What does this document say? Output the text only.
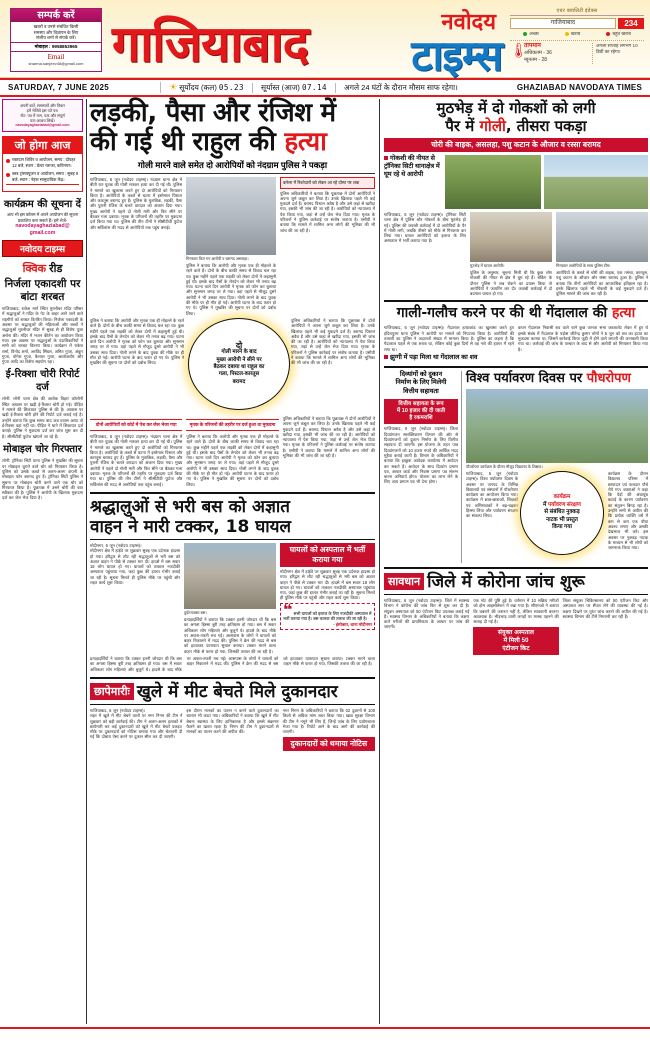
सम्पर्क करें
खबरों व उनसे संबंधित किसी
समस्या और विज्ञापन के लिए
संजीव शर्मा से संपर्क करें।
मोबाइल : 9958853965
Email
sharma.sanjeev48@gmail.com गाजियाबाद	नवोदय
टाइम्स
एयर क्वालिटी इंडेक्स
गाजियाबाद	234
अच्छा	खराब	बहुत खराब
🌡
तापमान
अधिकतम - 36
न्यूनतम - 28
अगला सप्ताह लगभग 10 डिग्री का रहेगा।
SATURDAY, 7 JUNE 2025	☀ सूर्योदय (कल) 05.23	सूर्यास्त (आज) 07.14	अगले 24 घंटों के दौरान मौसम साफ रहेगा।	GHAZIABAD NAVODAYA TIMES
अपनी बातें, समस्यायें और विचार
हमें भेजिये इस पते पर।
नोट: पत्र में नाम, पता और संपूर्ण
पता अवश्य लिखें।
navodayaghaziabad@gmail.com
जो होगा आज
रक्तदान शिविर व आयोजन, समय : दोपहर 12 बजे, स्थान : डेल्टा प्लाजा, कविनगर।
ब्लड ट्रांसफ्यूजन व आयोजन, समय : सुबह 9 बजे, स्थान : नेहरू सामुदायिक केंद्र।
कार्यक्रम की सूचना दें
आप भी इस कॉलम में अपने आयोजन की सूचना प्रकाशित करा सकते हैं। हमें भेजें-
navodayaghaziabad@
gmail.com
नवोदय टाइम्स
क्विक रीड
निर्जला एकादशी पर बांटा शरबत
गाजियाबाद: राकेश मार्ग स्थित मुरलीधर मंदिर परिसर में श्रद्धालुओं ने मंदिर के गेट के बाहर आने जाने वाले राहगीरों को शरबत वितरित किया। निर्जला एकादशी के अवसर पर श्रद्धालुओं की महिलाओं और बच्चों ने श्रद्धालुओं मुरलीधर मंदिर में सुबह से ही विशेष पूजा अर्चना की। मंदिर में भजन कीर्तन का आयोजन किया गया। इस अवसर पर श्रद्धालुओं के पदाधिकारियों ने सभी को शरबत वितरण किया। कार्यक्रम में राकेश शर्मा, विनोद शर्मा, अरविंद सिंघल, अमित गुप्ता, अंकुर गुप्ता, योगेश गुप्ता, कैलाश गुप्ता, आलोकवीर और गुप्ता आदि का विशेष सहयोग रहा।
ई-रिक्शा चोरी रिपोर्ट दर्ज
लोनी: लोनी थाना क्षेत्र की अशोक विहार कॉलोनी स्थित आवास पर खड़ी ई-रिक्शा चोरी हो गई। पीड़ित ने मामले की शिकायत पुलिस से की है। आवास पर खड़ी ई-रिक्शा चोरी होने की रिपोर्ट दर्ज कराई गई है। उन्होंने बताया कि कुछ समय बाद जब वापस आया तो ई-रिक्शा वहां नहीं था। पीड़ित ने थाने में शिकायत दर्ज कराई। पुलिस ने मुकदमा दर्ज कर जांच शुरू कर दी है। सीसीटीवी फुटेज खंगाले जा रहे हैं।
मोबाइल चोर गिरफ्तार
लोनी: ट्रॉनिका सिटी थाना पुलिस ने मुखबिर की सूचना पर मोबाइल चुराने वाले चोर को गिरफ्तार किया है। पुलिस को उसके कब्जे से अलग-अलग कंपनी के मोबाइल फोन बरामद हुए हैं। ट्रॉनिका सिटी पुलिस ने सूचना पर मोबाइल चोरी करने वाले एक चोर को गिरफ्तार किया है। पूछताछ में उसने चोरी की बात स्वीकार की है। पुलिस ने आरोपी के खिलाफ मुकदमा दर्ज कर जेल भेज दिया है।
लड़की, पैसा और रंजिश में
की गई थी राहुल की हत्या
गोली मारने वाले समेत दो आरोपियों को नंदग्राम पुलिस ने पकड़ा
गाजियाबाद, 6 जून (नवोदय टाइम्स)। नंदग्राम थाना क्षेत्र में बीती रात युवक की गोली मारकर हत्या कर दी गई थी। पुलिस ने मामले का खुलासा करते हुए दो आरोपियों को गिरफ्तार किया है। आरोपियों के कब्जे से घटना में इस्तेमाल पिस्टल और कारतूस बरामद हुए हैं। पुलिस के मुताबिक, लड़की, पैसा और पुरानी रंजिश के चलते वारदात को अंजाम दिया गया। मुख्य आरोपी ने पहले दो गोली मारी और फिर सीने पर बैठकर गला दबाया। मृतक के परिजनों की तहरीर पर मुकदमा दर्ज किया गया था। पुलिस की तीन टीमों ने सीसीटीवी फुटेज और सर्विलांस की मदद से आरोपियों तक पहुंच बनाई।
गिरफ्तार किए गए आरोपी व बरामद असलहा।
पुलिस ने बताया कि आरोपी और मृतक एक ही मोहल्ले के रहने वाले हैं। दोनों के बीच काफी समय से विवाद चल रहा था। कुछ महीने पहले एक लड़की को लेकर दोनों में कहासुनी हुई थी। इसके बाद पैसों के लेनदेन को लेकर भी तनाव बढ़ गया। घटना वाले दिन आरोपी ने मृतक को फोन कर बुलाया और सुनसान जगह पर ले गया। वहां पहले से मौजूद दूसरे आरोपी ने भी उसका साथ दिया। गोली लगने के बाद युवक की मौके पर ही मौत हो गई। आरोपी घटना के बाद फरार हो गए थे। पुलिस ने मुखबिर की सूचना पर दोनों को दबोच लिया।
करेला में रिश्तेदारों को लेकर आ रहे दोस्त पर शक
पुलिस अधिकारियों ने बताया कि पूछताछ में दोनों आरोपियों ने अपना जुर्म कबूल कर लिया है। उनके खिलाफ पहले भी कई मुकदमे दर्ज हैं। बरामद पिस्टल अवैध है और उसे कहां से खरीदा गया, इसकी भी जांच की जा रही है। आरोपियों को न्यायालय में पेश किया गया, जहां से उन्हें जेल भेज दिया गया। मृतक के परिजनों ने पुलिस कार्रवाई पर संतोष जताया है। एसीपी ने बताया कि मामले में शामिल अन्य लोगों की भूमिका की भी जांच की जा रही है।
दो
गोली मारने के बाद
मुख्य आरोपी ने सीने पर
बैठकर दबाया था राहुल का
गला, पिस्टल-कारतूस
बरामद
पुलिस ने बताया कि आरोपी और मृतक एक ही मोहल्ले के रहने वाले हैं। दोनों के बीच काफी समय से विवाद चल रहा था। कुछ महीने पहले एक लड़की को लेकर दोनों में कहासुनी हुई थी। इसके बाद पैसों के लेनदेन को लेकर भी तनाव बढ़ गया। घटना वाले दिन आरोपी ने मृतक को फोन कर बुलाया और सुनसान जगह पर ले गया। वहां पहले से मौजूद दूसरे आरोपी ने भी उसका साथ दिया। गोली लगने के बाद युवक की मौके पर ही मौत हो गई। आरोपी घटना के बाद फरार हो गए थे। पुलिस ने मुखबिर की सूचना पर दोनों को दबोच लिया।
पुलिस अधिकारियों ने बताया कि पूछताछ में दोनों आरोपियों ने अपना जुर्म कबूल कर लिया है। उनके खिलाफ पहले भी कई मुकदमे दर्ज हैं। बरामद पिस्टल अवैध है और उसे कहां से खरीदा गया, इसकी भी जांच की जा रही है। आरोपियों को न्यायालय में पेश किया गया, जहां से उन्हें जेल भेज दिया गया। मृतक के परिजनों ने पुलिस कार्रवाई पर संतोष जताया है। एसीपी ने बताया कि मामले में शामिल अन्य लोगों की भूमिका की भी जांच की जा रही है।
दोनों आरोपियों को कोर्ट में पेश कर जेल भेजा गया
गाजियाबाद, 6 जून (नवोदय टाइम्स)। नंदग्राम थाना क्षेत्र में बीती रात युवक की गोली मारकर हत्या कर दी गई थी। पुलिस ने मामले का खुलासा करते हुए दो आरोपियों को गिरफ्तार किया है। आरोपियों के कब्जे से घटना में इस्तेमाल पिस्टल और कारतूस बरामद हुए हैं। पुलिस के मुताबिक, लड़की, पैसा और पुरानी रंजिश के चलते वारदात को अंजाम दिया गया। मुख्य आरोपी ने पहले दो गोली मारी और फिर सीने पर बैठकर गला दबाया। मृतक के परिजनों की तहरीर पर मुकदमा दर्ज किया गया था। पुलिस की तीन टीमों ने सीसीटीवी फुटेज और सर्विलांस की मदद से आरोपियों तक पहुंच बनाई।
मृतक के परिजनों की तहरीर पर दर्ज हुआ था मुकदमा
पुलिस ने बताया कि आरोपी और मृतक एक ही मोहल्ले के रहने वाले हैं। दोनों के बीच काफी समय से विवाद चल रहा था। कुछ महीने पहले एक लड़की को लेकर दोनों में कहासुनी हुई थी। इसके बाद पैसों के लेनदेन को लेकर भी तनाव बढ़ गया। घटना वाले दिन आरोपी ने मृतक को फोन कर बुलाया और सुनसान जगह पर ले गया। वहां पहले से मौजूद दूसरे आरोपी ने भी उसका साथ दिया। गोली लगने के बाद युवक की मौके पर ही मौत हो गई। आरोपी घटना के बाद फरार हो गए थे। पुलिस ने मुखबिर की सूचना पर दोनों को दबोच लिया।
पुलिस अधिकारियों ने बताया कि पूछताछ में दोनों आरोपियों ने अपना जुर्म कबूल कर लिया है। उनके खिलाफ पहले भी कई मुकदमे दर्ज हैं। बरामद पिस्टल अवैध है और उसे कहां से खरीदा गया, इसकी भी जांच की जा रही है। आरोपियों को न्यायालय में पेश किया गया, जहां से उन्हें जेल भेज दिया गया। मृतक के परिजनों ने पुलिस कार्रवाई पर संतोष जताया है। एसीपी ने बताया कि मामले में शामिल अन्य लोगों की भूमिका की भी जांच की जा रही है।
श्रद्धालुओं से भरी बस को अज्ञात
वाहन ने मारी टक्कर, 18 घायल
मोदीनगर, 6 जून (नवोदय टाइम्स)।
मोदीनगर क्षेत्र में हाईवे पर शुक्रवार सुबह एक दर्दनाक हादसा हो गया। हरिद्वार से लौट रही श्रद्धालुओं से भरी बस को अज्ञात वाहन ने पीछे से टक्कर मार दी। हादसे में बस सवार 18 लोग घायल हो गए। घायलों को तत्काल नजदीकी अस्पताल पहुंचाया गया, जहां कुछ की हालत गंभीर बताई जा रही है। सूचना मिलते ही पुलिस मौके पर पहुंची और राहत कार्य शुरू किया।
दुर्घटनाग्रस्त बस।
प्रत्यक्षदर्शियों ने बताया कि टक्कर इतनी जोरदार थी कि बस का अगला हिस्सा बुरी तरह क्षतिग्रस्त हो गया। बस में सवार अधिकतर लोग महिलाएं और बुजुर्ग थे। हादसे के बाद मौके पर अफरा-तफरी मच गई। आसपास के लोगों ने घायलों को बाहर निकालने में मदद की। पुलिस ने क्रेन की मदद से बस को हटवाकर यातायात सुचारु कराया। टक्कर मारने वाला वाहन मौके से फरार हो गया, जिसकी तलाश की जा रही है।
घायलों को अस्पताल में भर्ती कराया गया
मोदीनगर क्षेत्र में हाईवे पर शुक्रवार सुबह एक दर्दनाक हादसा हो गया। हरिद्वार से लौट रही श्रद्धालुओं से भरी बस को अज्ञात वाहन ने पीछे से टक्कर मार दी। हादसे में बस सवार 18 लोग घायल हो गए। घायलों को तत्काल नजदीकी अस्पताल पहुंचाया गया, जहां कुछ की हालत गंभीर बताई जा रही है। सूचना मिलते ही पुलिस मौके पर पहुंची और राहत कार्य शुरू किया।
❝ सभी घायलों को इलाज के लिए नजदीकी अस्पताल में भर्ती कराया गया है। बस चालक की तलाश की जा रही है।
- इंस्पेक्टर, थाना मोदीनगर
प्रत्यक्षदर्शियों ने बताया कि टक्कर इतनी जोरदार थी कि बस का अगला हिस्सा बुरी तरह क्षतिग्रस्त हो गया। बस में सवार अधिकतर लोग महिलाएं और बुजुर्ग थे। हादसे के बाद मौके पर अफरा-तफरी मच गई। आसपास के लोगों ने घायलों को बाहर निकालने में मदद की। पुलिस ने क्रेन की मदद से बस को हटवाकर यातायात सुचारु कराया। टक्कर मारने वाला वाहन मौके से फरार हो गया, जिसकी तलाश की जा रही है।
छापेमारीः खुले में मीट बेचते मिले दुकानदार
गाजियाबाद, 6 जून (नवोदय टाइम्स)।
शहर में खुले में मीट बेचने वालों पर नगर निगम की टीम ने शुक्रवार को बड़ी कार्रवाई की। टीम ने अलग-अलग इलाकों में छापेमारी कर कई दुकानदारों को खुले में मीट बेचते पकड़ा। मौके पर दुकानदारों को नोटिस थमाया गया और चेतावनी दी गई कि दोबारा ऐसा करने पर दुकान सील कर दी जाएगी।
इस दौरान मानकों का पालन न करने वाले दुकानदारों का चालान भी काटा गया। अधिकारियों ने बताया कि खुले में मीट बेचना स्वास्थ्य के लिए हानिकारक है और इससे संक्रमण फैलने का खतरा रहता है। निगम की टीम ने दुकानदारों से मानकों का पालन करने की अपील की।
नगर निगम के अधिकारियों ने बताया कि 02 दुकानों से 100 किलो से अधिक मांस जब्त किया गया। खाद्य सुरक्षा विभाग की टीम ने नमूने भी लिए हैं, जिन्हें जांच के लिए प्रयोगशाला भेजा गया है। रिपोर्ट आने के बाद आगे की कार्रवाई की जाएगी।
दुकानदारों को थमाया नोटिस
मुठभेड़ में दो गोकशों को लगी
पैर में गोली, तीसरा पकड़ा
चोरी की बाइक, असलहा, पशु कटान के औजार व रस्सा बरामद
गोकशी की नीयत से ट्रॉनिका सिटी थानाक्षेत्र में घूम रहे थे आरोपी
गाजियाबाद, 6 जून (नवोदय टाइम्स)। ट्रॉनिका सिटी थाना क्षेत्र में पुलिस और गोकशों के बीच मुठभेड़ हो गई। पुलिस की जवाबी कार्रवाई में दो आरोपियों के पैर में गोली लगी, जबकि तीसरे को मौके से गिरफ्तार कर लिया गया। घायल आरोपियों को इलाज के लिए अस्पताल में भर्ती कराया गया है।
मुठभेड़ में घायल आरोपी।
पुलिस के अनुसार, सूचना मिली थी कि कुछ लोग गोकशी की नीयत से क्षेत्र में घूम रहे हैं। चेकिंग के दौरान पुलिस ने जब रोकने का प्रयास किया तो आरोपियों ने फायरिंग कर दी। जवाबी कार्रवाई में दो बदमाश घायल हो गए।
गिरफ्तार आरोपियों के साथ पुलिस टीम।
आरोपियों के कब्जे से चोरी की बाइक, एक तमंचा, कारतूस, पशु कटान के औजार और रस्सा बरामद हुआ है। पुलिस ने बताया कि तीनों आरोपियों का आपराधिक इतिहास रहा है। इनके खिलाफ पहले भी गोकशी के कई मुकदमे दर्ज हैं। पुलिस मामले की जांच कर रही है।
गाली-गलौच करने पर की थी गेंदालाल की हत्या
गाजियाबाद, 6 जून (नवोदय टाइम्स)। गेंदालाल हत्याकांड का खुलासा करते हुए इंदिरापुरम थाना पुलिस ने आरोपी पर मामले को निपटाया किया है। आरोपियों की तलाशी का पुलिस ने अदालतों संख्या में मामला किया है। पुलिस का कहना है कि गेंदालाल पहले से एक शराब था, लेकिन कोई कुछ दिनों से वह नशे की हालत में रहने लगा था।
झुग्गी में पड़ा मिला था गेंदालाल का शव
कथन गेंदालाल निवासी शव वाले थाने कुछ जानता सभा कब्जालेट लेकर में हुए थे इसके संबंध में गेंदालाल के पड़ोस जीतेन्द्र कुमार लोगों ने 5 जून को शव का हटाव का मुकदमा कराया था, जिसमें कार्रवाई किया जुड़ी में होने वाले लगाती की जानकारी किया गया था। कार्रवाई की जांच के पश्चात के बाद से और आरोपी को गिरफ्तार किया गया है।
दिव्यांगों को दुकान
निर्माण के लिए मिलेगी
वित्तीय सहायता
वित्तीय सहायता के रूप
में 10 हजार की दी जाती
है रकमराशि
गाजियाबाद, 6 जून (नवोदय टाइम्स)। जिला दिव्यांगजन सशक्तिकरण विभाग की ओर से दिव्यांगजनों को दुकान निर्माण के लिए वित्तीय सहायता दी जाएगी। इस योजना के तहत पात्र दिव्यांगजनों को 10 हजार रुपये की आर्थिक मदद मुहैया कराई जाती है। विभाग के अधिकारियों ने बताया कि इच्छुक आवेदक कार्यालय में आवेदन कर सकते हैं। आवेदन के साथ दिव्यांग प्रमाण पत्र, आधार कार्ड और निवास प्रमाण पत्र संलग्न करना अनिवार्य होगा। योजना का लाभ लेने के लिए आय प्रमाण पत्र भी देना होगा।
विश्व पर्यावरण दिवस पर पौधरोपण
पौधरोपण कार्यक्रम के दौरान मौजूद विद्यालय के शिक्षक।
गाजियाबाद, 6 जून (नवोदय टाइम्स)। विश्व पर्यावरण दिवस के अवसर पर जनपद के विभिन्न विद्यालयों एवं संस्थानों में पौधरोपण कार्यक्रम का आयोजन किया गया। कार्यक्रम में छात्र-छात्राओं, शिक्षकों एवं अभिभावकों ने बढ़-चढ़कर हिस्सा लिया और पर्यावरण संरक्षण का संकल्प लिया।
कार्यक्रम
में पर्यावरण संरक्षण
से संबंधित नुक्कड़
नाटक भी प्रस्तुत
किया गया
कार्यक्रम के दौरान विद्यालय परिसर में छायादार एवं फलदार पौधे रोपे गए। वक्ताओं ने कहा कि पेड़ों की अंधाधुंध कटाई के कारण पर्यावरण का संतुलन बिगड़ रहा है। उन्होंने सभी से अपील की कि प्रत्येक व्यक्ति वर्ष में कम से कम एक पौधा अवश्य लगाए और उसकी देखभाल भी करे। इस अवसर पर नुक्कड़ नाटक के माध्यम से भी लोगों को जागरूक किया गया।
सावधान जिले में कोरोना जांच शुरू
गाजियाबाद, 6 जून (नवोदय टाइम्स)। जिले में स्वास्थ्य विभाग ने कोरोना की जांच फिर से शुरू कर दी है। संयुक्त अस्पताल को 50 एंटीजन किट उपलब्ध कराई गई हैं। स्वास्थ्य विभाग के अधिकारियों ने बताया कि लक्षण वाले मरीजों की प्राथमिकता के आधार पर जांच की जाएगी।
एक नोट की पुष्टि हुई है। वर्तमान में 10 सक्रिय मरीजों को होम आइसोलेशन में रखा गया है। सीएमओ ने बताया कि घबराने की जरूरत नहीं है, लेकिन सावधानी बरतना आवश्यक है। भीड़भाड़ वाली जगहों पर मास्क पहनने की सलाह दी गई है।
संयुक्त अस्पताल
में मिली 50
एंटीजन किट
जिला संयुक्त चिकित्सालय को 50 एंटीजन किट और अस्पताल स्तर पर सैंपल लेने की व्यवस्था की गई है। लक्षण दिखने पर तुरंत जांच कराने की अपील की गई है। स्वास्थ्य विभाग की टीमें निगरानी कर रही हैं।
